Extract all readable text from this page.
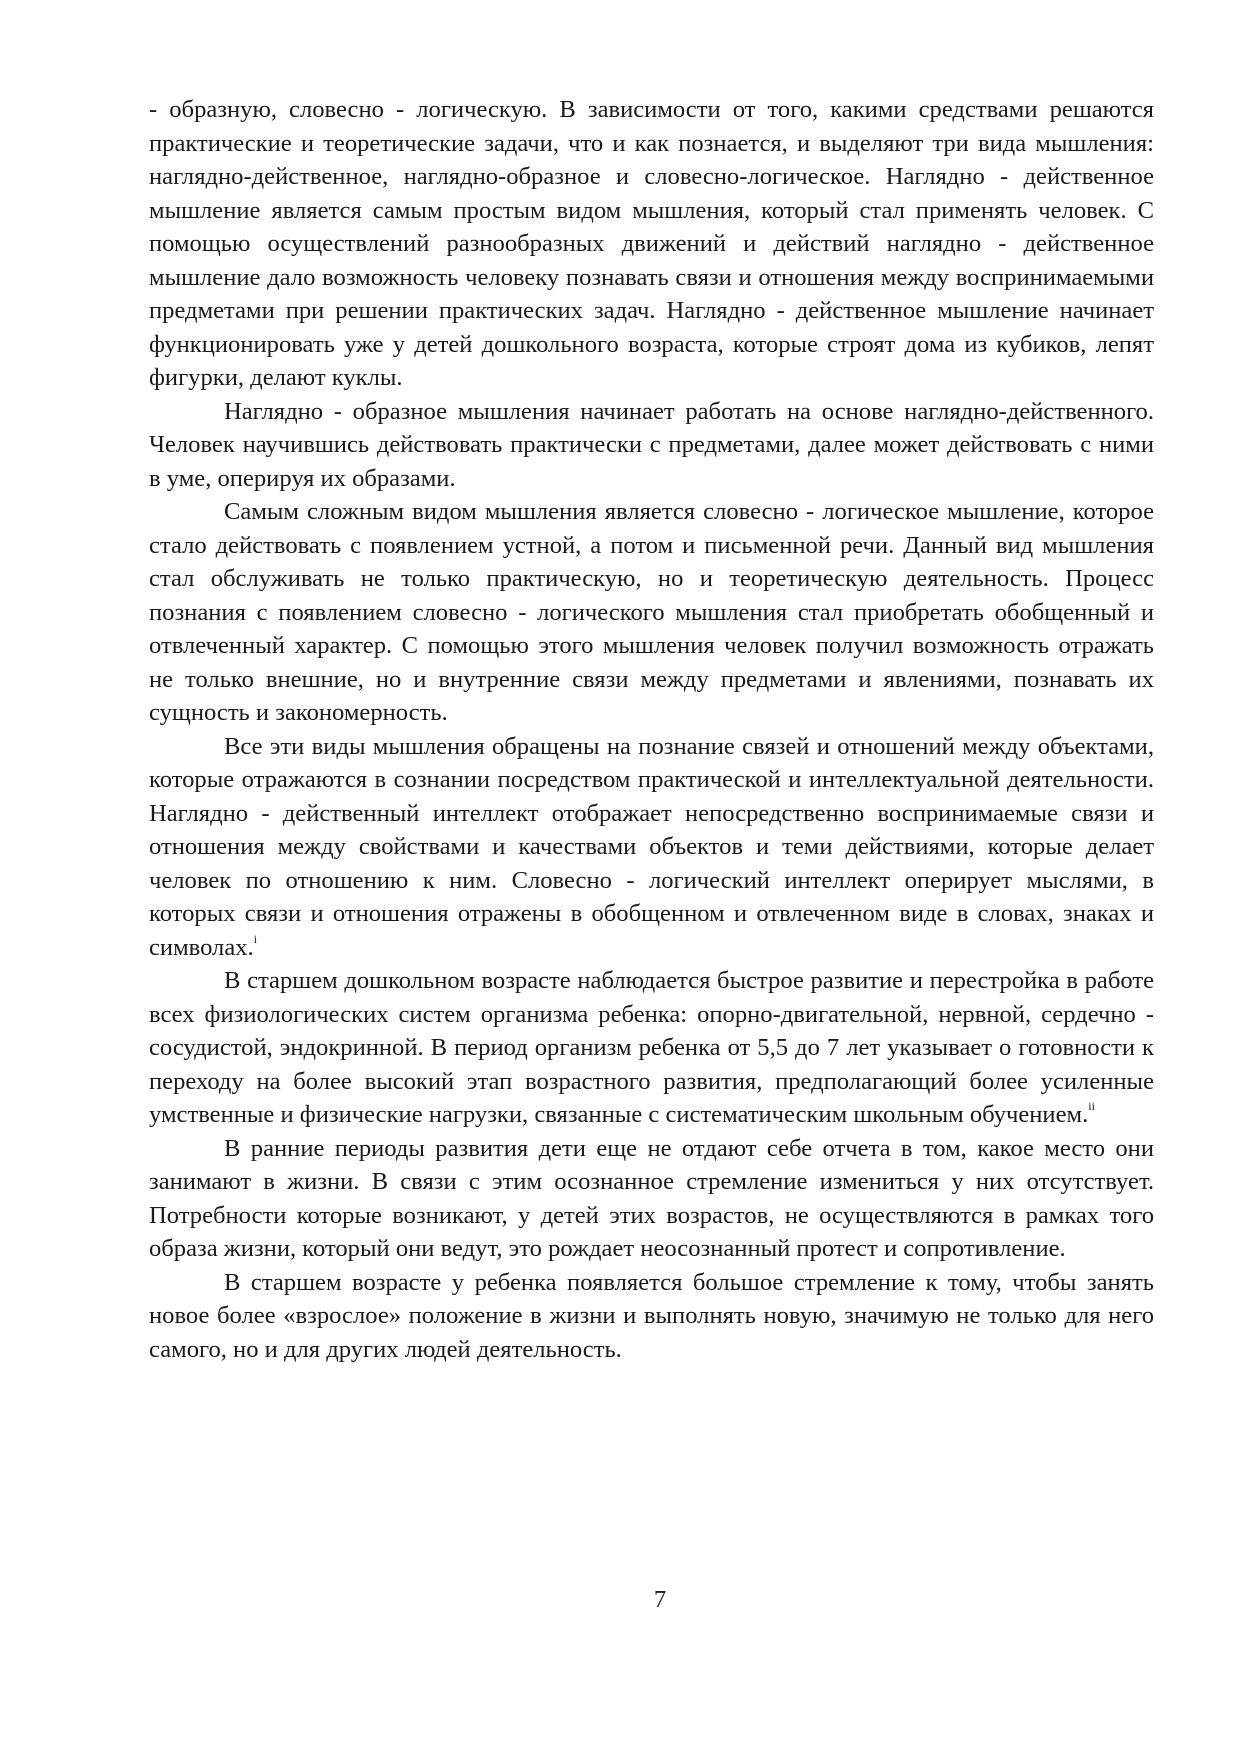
- образную, словесно - логическую. В зависимости от того, какими средствами решаются практические и теоретические задачи, что и как познается, и выделяют три вида мышления: наглядно-действенное, наглядно-образное и словесно-логическое. Наглядно - действенное мышление является самым простым видом мышления, который стал применять человек. С помощью осуществлений разнообразных движений и действий наглядно - действенное мышление дало возможность человеку познавать связи и отношения между воспринимаемыми предметами при решении практических задач. Наглядно - действенное мышление начинает функционировать уже у детей дошкольного возраста, которые строят дома из кубиков, лепят фигурки, делают куклы.

Наглядно - образное мышления начинает работать на основе наглядно-действенного. Человек научившись действовать практически с предметами, далее может действовать с ними в уме, оперируя их образами.

Самым сложным видом мышления является словесно - логическое мышление, которое стало действовать с появлением устной, а потом и письменной речи. Данный вид мышления стал обслуживать не только практическую, но и теоретическую деятельность. Процесс познания с появлением словесно - логического мышления стал приобретать обобщенный и отвлеченный характер. С помощью этого мышления человек получил возможность отражать не только внешние, но и внутренние связи между предметами и явлениями, познавать их сущность и закономерность.

Все эти виды мышления обращены на познание связей и отношений между объектами, которые отражаются в сознании посредством практической и интеллектуальной деятельности. Наглядно - действенный интеллект отображает непосредственно воспринимаемые связи и отношения между свойствами и качествами объектов и теми действиями, которые делает человек по отношению к ним. Словесно - логический интеллект оперирует мыслями, в которых связи и отношения отражены в обобщенном и отвлеченном виде в словах, знаках и символах.$^i$

В старшем дошкольном возрасте наблюдается быстрое развитие и перестройка в работе всех физиологических систем организма ребенка: опорно-двигательной, нервной, сердечно - сосудистой, эндокринной. В период организм ребенка от 5,5 до 7 лет указывает о готовности к переходу на более высокий этап возрастного развития, предполагающий более усиленные умственные и физические нагрузки, связанные с систематическим школьным обучением.$^{ii}$

В ранние периоды развития дети еще не отдают себе отчета в том, какое место они занимают в жизни. В связи с этим осознанное стремление измениться у них отсутствует. Потребности которые возникают, у детей этих возрастов, не осуществляются в рамках того образа жизни, который они ведут, это рождает неосознанный протест и сопротивление.

В старшем возрасте у ребенка появляется большое стремление к тому, чтобы занять новое более «взрослое» положение в жизни и выполнять новую, значимую не только для него самого, но и для других людей деятельность.

7
